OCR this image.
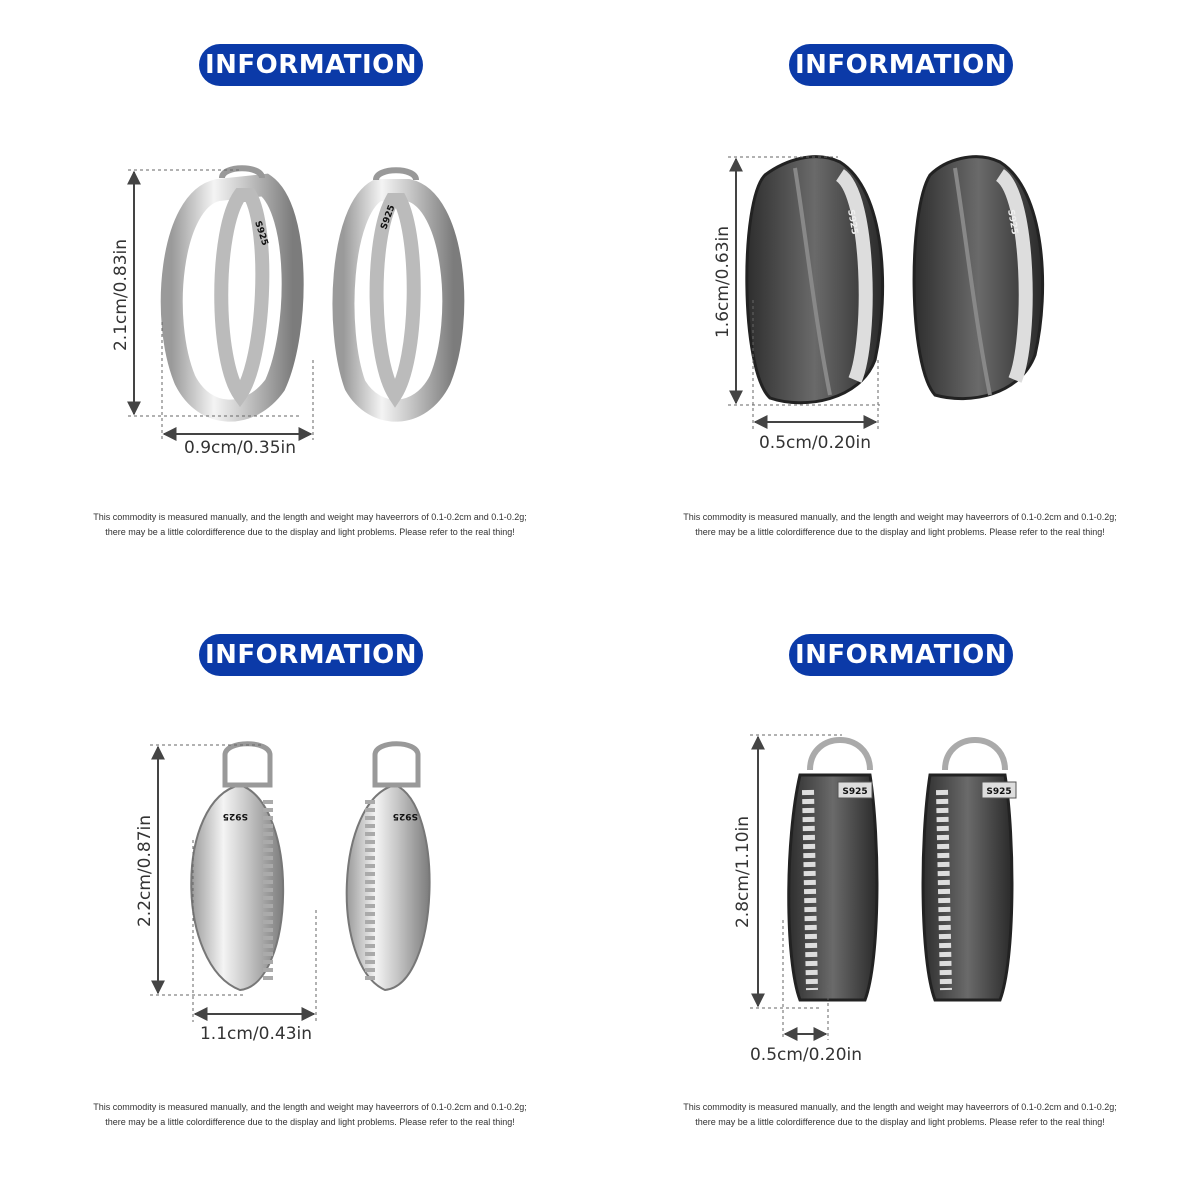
INFORMATION
S925
S925
2.1cm/0.83in
0.9cm/0.35in
This commodity is measured manually, and the length and weight may haveerrors of 0.1-0.2cm and 0.1-0.2g;
there may be a little colordifference due to the display and light problems. Please refer to the real thing!
INFORMATION
S925	S925
1.6cm/0.63in
0.5cm/0.20in
This commodity is measured manually, and the length and weight may haveerrors of 0.1-0.2cm and 0.1-0.2g;
there may be a little colordifference due to the display and light problems. Please refer to the real thing!
INFORMATION
S925	S925
2.2cm/0.87in
1.1cm/0.43in
This commodity is measured manually, and the length and weight may haveerrors of 0.1-0.2cm and 0.1-0.2g;
there may be a little colordifference due to the display and light problems. Please refer to the real thing!
INFORMATION
S925	S925
2.8cm/1.10in
0.5cm/0.20in
This commodity is measured manually, and the length and weight may haveerrors of 0.1-0.2cm and 0.1-0.2g;
there may be a little colordifference due to the display and light problems. Please refer to the real thing!
